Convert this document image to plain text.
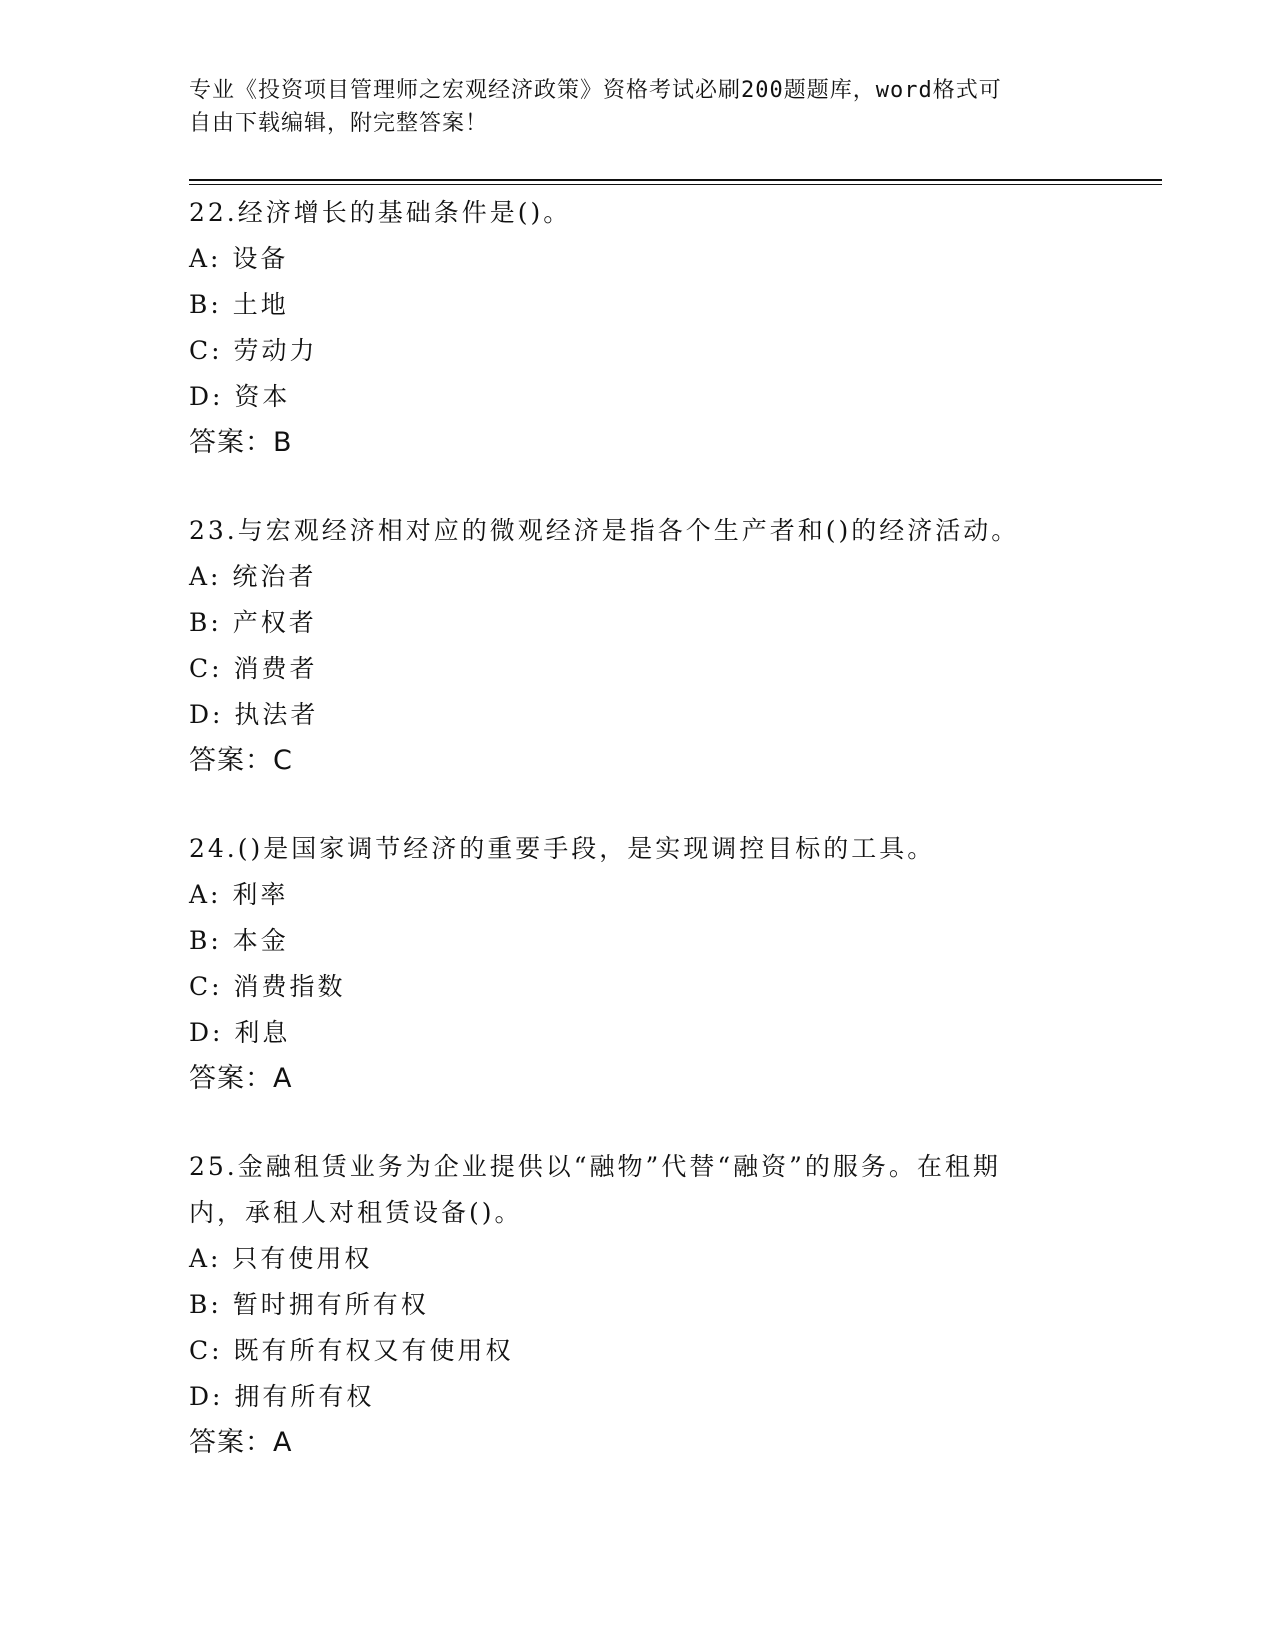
专业《投资项目管理师之宏观经济政策》资格考试必刷200题题库，word格式可
自由下载编辑，附完整答案！
22.经济增长的基础条件是()。
A: 设备
B: 土地
C: 劳动力
D: 资本
答案：B
23.与宏观经济相对应的微观经济是指各个生产者和()的经济活动。
A: 统治者
B: 产权者
C: 消费者
D: 执法者
答案：C
24.()是国家调节经济的重要手段，是实现调控目标的工具。
A: 利率
B: 本金
C: 消费指数
D: 利息
答案：A
25.金融租赁业务为企业提供以“融物”代替“融资”的服务。在租期
内，承租人对租赁设备()。
A: 只有使用权
B: 暂时拥有所有权
C: 既有所有权又有使用权
D: 拥有所有权
答案：A
